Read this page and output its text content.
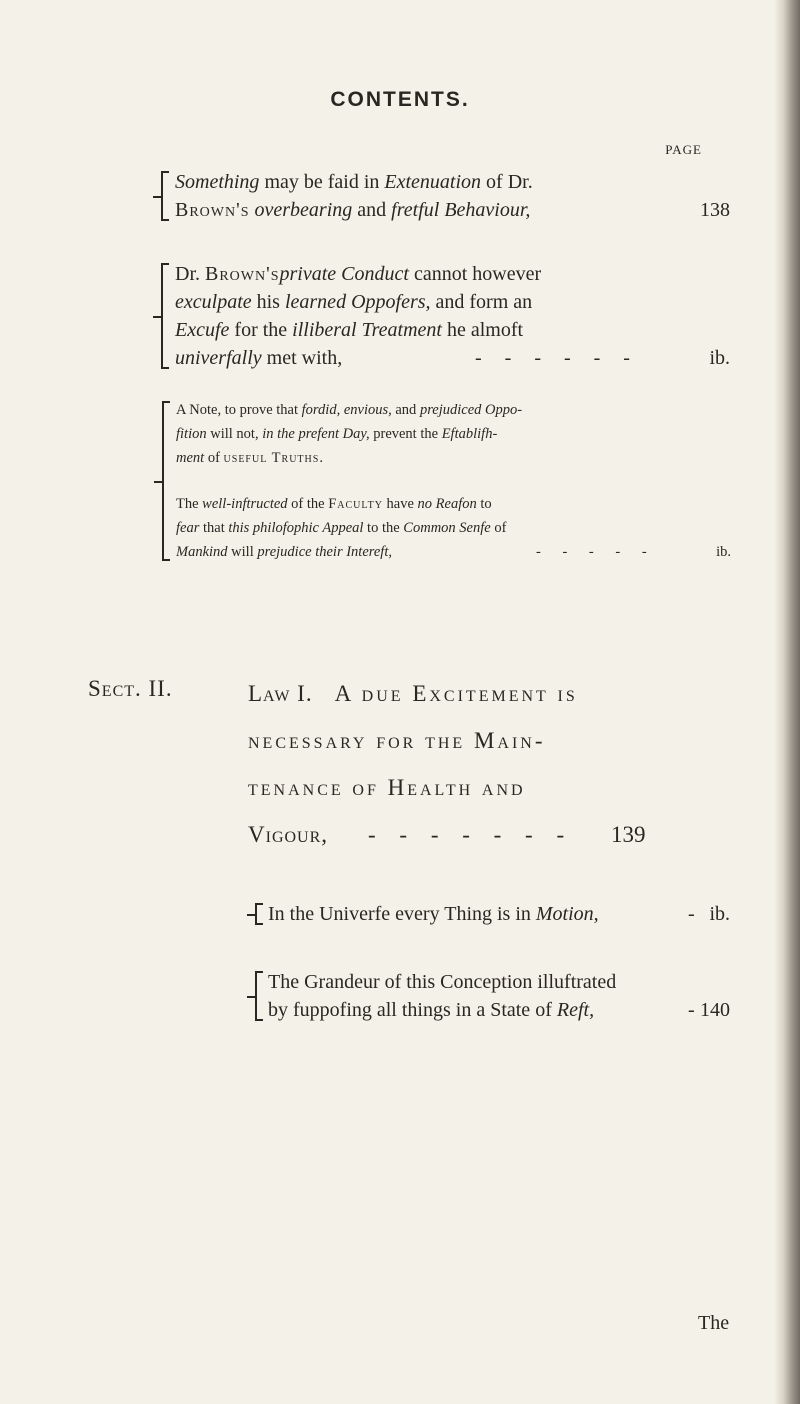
CONTENTS.
PAGE
Something may be faid in Extenuation of Dr.
Brown's overbearing and fretful Behaviour,	138
Dr. Brown'sprivate Conduct cannot however
exculpate his learned Oppofers, and form an
Excufe for the illiberal Treatment he almoft
univerfally met with,	- - - - - -	ib.
A Note, to prove that fordid, envious, and prejudiced Oppo-
fition will not, in the prefent Day, prevent the Eftablifh-
ment of useful Truths.
The well-inftructed of the Faculty have no Reafon to
fear that this philofophic Appeal to the Common Senfe of
Mankind will prejudice their Intereft,	- - - - -	ib.
Sect. II.	Law I. A due Excitement is
necessary for the Main-
tenance of Health and
Vigour, - - - - - - - 139
In the Univerfe every Thing is in Motion,	- ib.
The Grandeur of this Conception illuftrated
by fuppofing all things in a State of Reft,	- 140
The
